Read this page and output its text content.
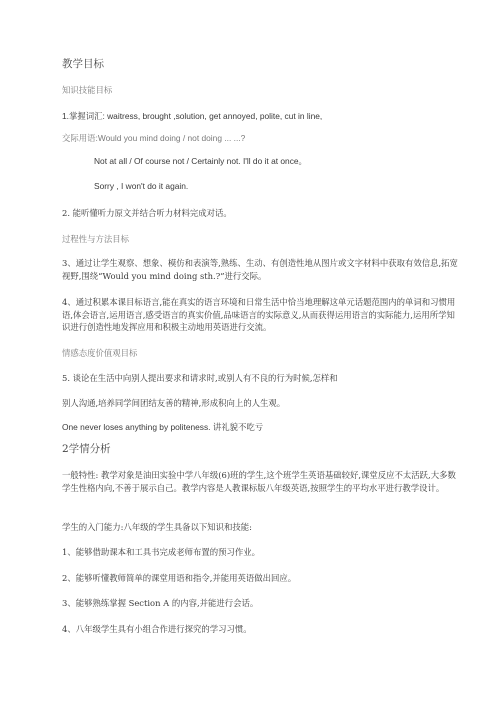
教学目标
知识技能目标
1.掌握词汇: waitress, brought ,solution, get annoyed, polite, cut in line,
交际用语:Would you mind doing / not doing ... ...?
Not at all / Of course not / Certainly not. I'll do it at once。
Sorry , I won't do it again.
2. 能听懂听力原文并结合听力材料完成对话。
过程性与方法目标
3、通过让学生观察、想象、模仿和表演等,熟练、生动、有创造性地从图片或文字材料中获取有效信息,拓宽视野,围绕“Would you mind doing sth.?”进行交际。
4、通过积累本课目标语言,能在真实的语言环境和日常生活中恰当地理解这单元话题范围内的单词和习惯用语,体会语言,运用语言,感受语言的真实价值,品味语言的实际意义,从而获得运用语言的实际能力,运用所学知识进行创造性地发挥应用和积极主动地用英语进行交流。
情感态度价值观目标
5. 谈论在生活中向别人提出要求和请求时,或别人有不良的行为时候,怎样和
别人沟通,培养同学间团结友善的精神,形成积向上的人生观。
One never loses anything by politeness. 讲礼貌不吃亏
2学情分析
一般特性: 教学对象是油田实验中学八年级(6)班的学生,这个班学生英语基础较好,课堂反应不太活跃,大多数学生性格内向,不善于展示自己。教学内容是人教课标版八年级英语,按照学生的平均水平进行教学设计。
学生的入门能力:八年级的学生具备以下知识和技能:
1、能够借助课本和工具书完成老师布置的预习作业。
2、能够听懂教师简单的课堂用语和指令,并能用英语做出回应。
3、能够熟练掌握 Section A 的内容,并能进行会话。
4、八年级学生具有小组合作进行探究的学习习惯。
